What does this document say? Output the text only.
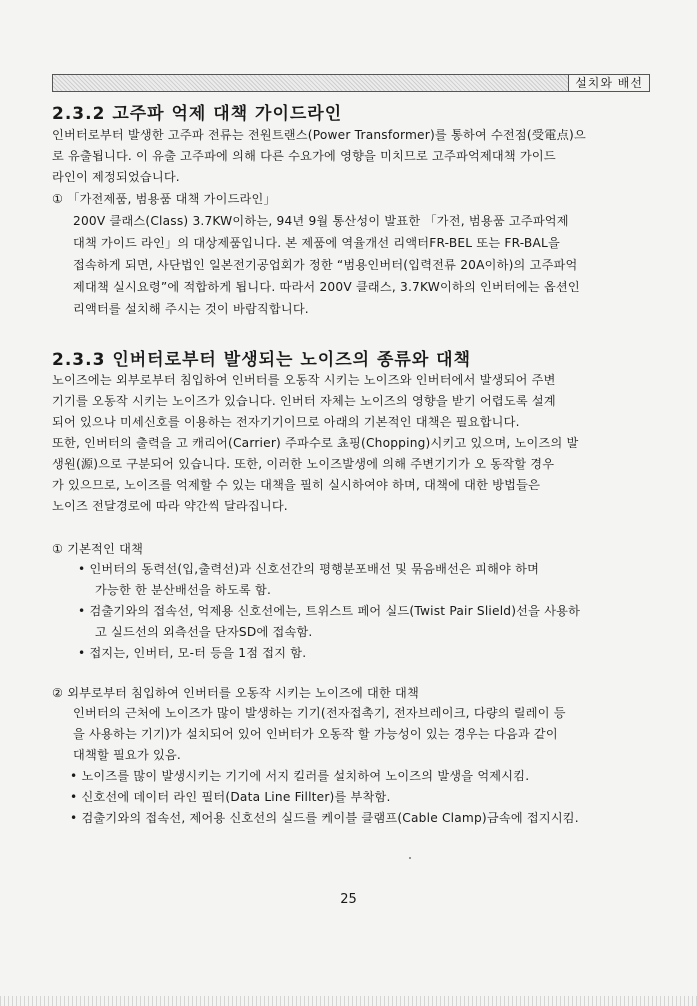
설치와 배선
2.3.2 고주파 억제 대책 가이드라인
인버터로부터 발생한 고주파 전류는 전원트랜스(Power Transformer)를 통하여 수전점(受電点)으
로 유출됩니다. 이 유출 고주파에 의해 다른 수요가에 영향을 미치므로 고주파억제대책 가이드
라인이 제정되었습니다.
① 「가전제품, 범용품 대책 가이드라인」
200V 클래스(Class) 3.7KW이하는, 94년 9월 통산성이 발표한 「가전, 범용품 고주파억제
대책 가이드 라인」의 대상제품입니다. 본 제품에 역율개선 리액터FR-BEL 또는 FR-BAL을
접속하게 되면, 사단법인 일본전기공업회가 정한 “범용인버터(입력전류 20A이하)의 고주파억
제대책 실시요령”에 적합하게 됩니다. 따라서 200V 클래스, 3.7KW이하의 인버터에는 옵션인
리액터를 설치해 주시는 것이 바람직합니다.
2.3.3 인버터로부터 발생되는 노이즈의 종류와 대책
노이즈에는 외부로부터 침입하여 인버터를 오동작 시키는 노이즈와 인버터에서 발생되어 주변
기기를 오동작 시키는 노이즈가 있습니다. 인버터 자체는 노이즈의 영향을 받기 어렵도록 설계
되어 있으나 미세신호를 이용하는 전자기기이므로 아래의 기본적인 대책은 필요합니다.
또한, 인버터의 출력을 고 캐리어(Carrier) 주파수로 쵸핑(Chopping)시키고 있으며, 노이즈의 발
생원(源)으로 구분되어 있습니다. 또한, 이러한 노이즈발생에 의해 주변기기가 오 동작할 경우
가 있으므로, 노이즈를 억제할 수 있는 대책을 필히 실시하여야 하며, 대책에 대한 방법들은
노이즈 전달경로에 따라 약간씩 달라집니다.
① 기본적인 대책
• 인버터의 동력선(입,출력선)과 신호선간의 평행분포배선 및 묶음배선은 피해야 하며
가능한 한 분산배선을 하도록 함.
• 검출기와의 접속선, 억제용 신호선에는, 트위스트 페어 실드(Twist Pair Slield)선을 사용하
고 실드선의 외측선을 단자SD에 접속함.
• 접지는, 인버터, 모-터 등을 1점 접지 함.
② 외부로부터 침입하여 인버터를 오동작 시키는 노이즈에 대한 대책
인버터의 근처에 노이즈가 많이 발생하는 기기(전자접촉기, 전자브레이크, 다량의 릴레이 등
을 사용하는 기기)가 설치되어 있어 인버터가 오동작 할 가능성이 있는 경우는 다음과 같이
대책할 필요가 있음.
• 노이즈를 많이 발생시키는 기기에 서지 킬러를 설치하여 노이즈의 발생을 억제시킴.
• 신호선에 데이터 라인 필터(Data Line Fillter)를 부착함.
• 검출기와의 접속선, 제어용 신호선의 실드를 케이블 클램프(Cable Clamp)금속에 접지시킴.
25
